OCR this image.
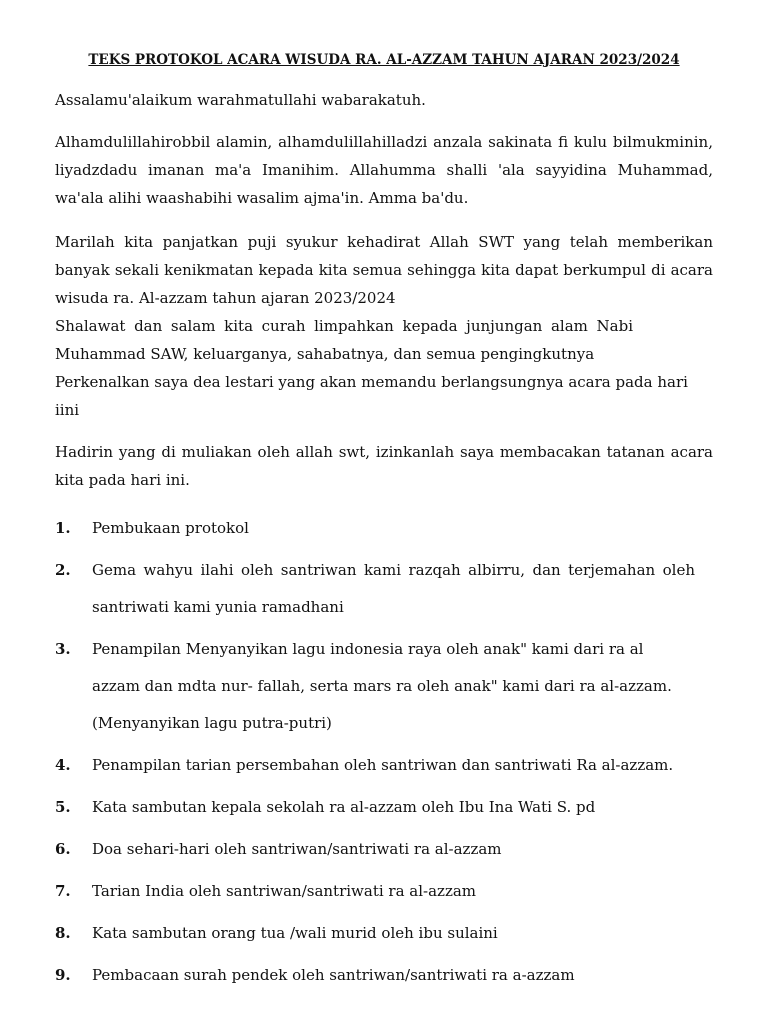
TEKS PROTOKOL ACARA WISUDA RA. AL-AZZAM TAHUN AJARAN 2023/2024

Assalamu'alaikum warahmatullahi wabarakatuh.

Alhamdulillahirobbil alamin, alhamdulillahilladzi anzala sakinata fi kulu bilmukminin, liyadzdadu imanan ma'a Imanihim. Allahumma shalli 'ala sayyidina Muhammad, wa'ala alihi waashabihi wasalim ajma'in. Amma ba'du.

Marilah kita panjatkan puji syukur kehadirat Allah SWT yang telah memberikan banyak sekali kenikmatan kepada kita semua sehingga kita dapat berkumpul di acara wisuda ra. Al-azzam tahun ajaran 2023/2024

Shalawat dan salam kita curah limpahkan kepada junjungan alam Nabi Muhammad SAW, keluarganya, sahabatnya, dan semua pengingkutnya

Perkenalkan saya dea lestari yang akan memandu berlangsungnya acara pada hari iini

Hadirin yang di muliakan oleh allah swt, izinkanlah saya membacakan tatanan acara kita pada hari ini.

1.	Pembukaan protokol
2.	Gema wahyu ilahi oleh santriwan kami razqah albirru, dan terjemahan oleh santriwati kami yunia ramadhani
3.	Penampilan Menyanyikan lagu indonesia raya oleh anak" kami dari ra al azzam dan mdta nur- fallah, serta mars ra oleh anak" kami dari ra al-azzam.
(Menyanyikan lagu putra-putri)
4.	Penampilan tarian persembahan oleh santriwan dan santriwati Ra al-azzam.
5.	Kata sambutan kepala sekolah ra al-azzam oleh Ibu Ina Wati S. pd
6.	Doa sehari-hari oleh santriwan/santriwati ra al-azzam
7.	Tarian India oleh santriwan/santriwati ra al-azzam
8.	Kata sambutan orang tua /wali murid oleh ibu sulaini
9.	Pembacaan surah pendek oleh santriwan/santriwati ra a-azzam
